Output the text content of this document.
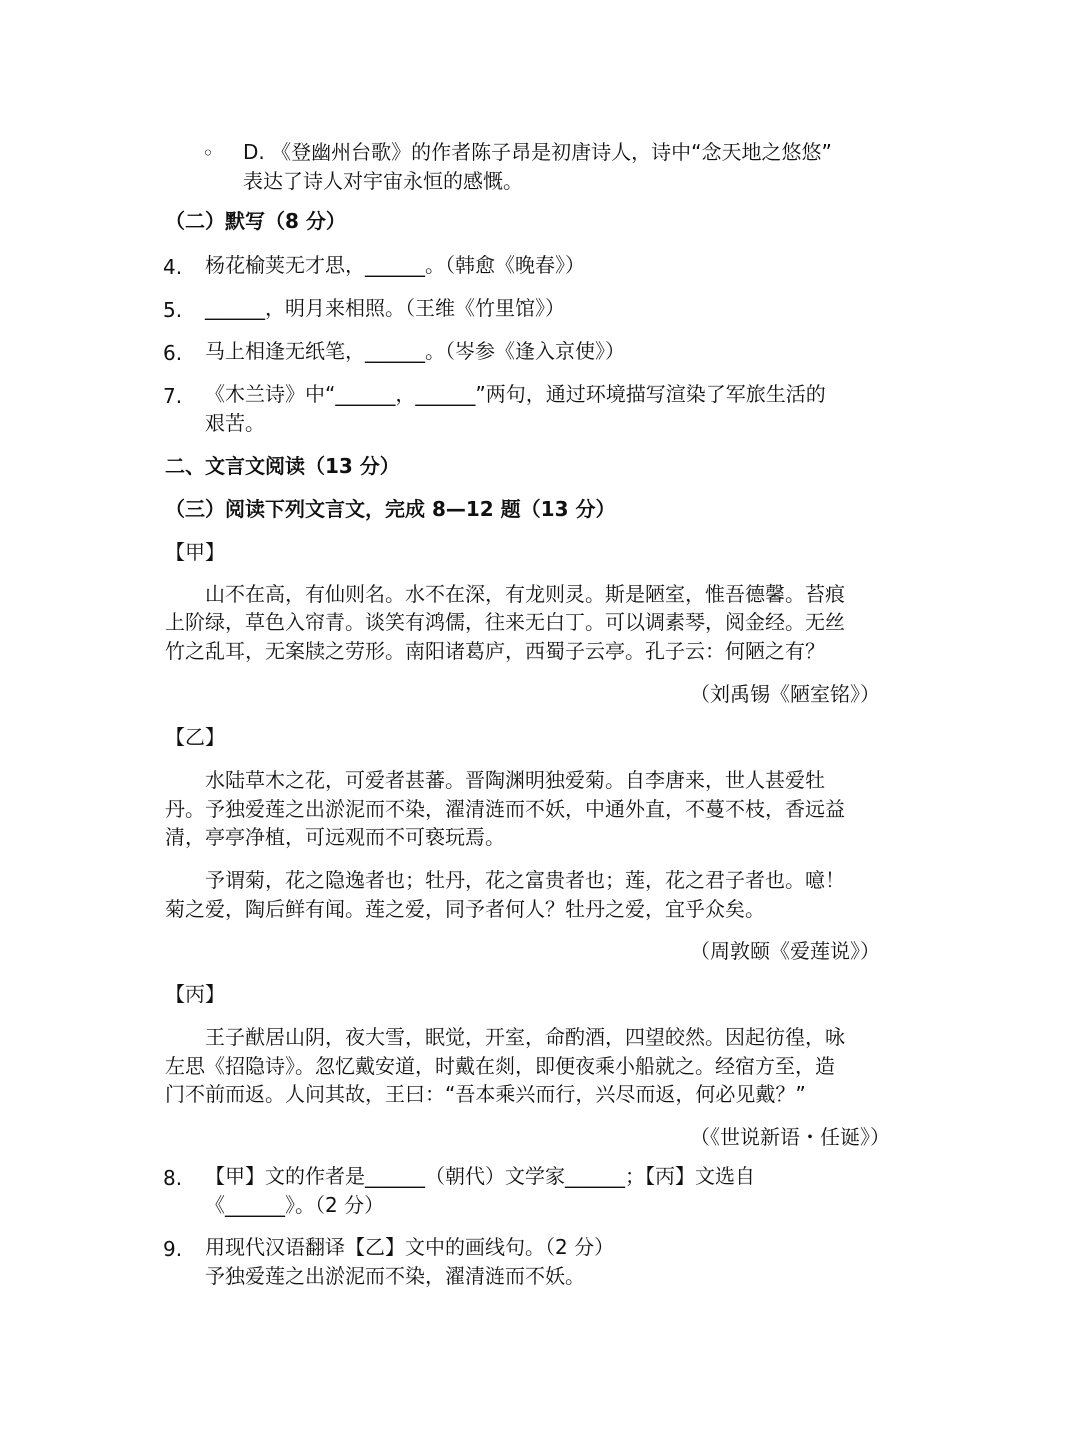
◦ D. 《登幽州台歌》的作者陈子昂是初唐诗人，诗中“念天地之悠悠”
表达了诗人对宇宙永恒的感慨。
（二）默写（8 分）
4. 杨花榆荚无才思，______。（韩愈《晚春》）
5. ______，明月来相照。（王维《竹里馆》）
6. 马上相逢无纸笔，______。（岑参《逢入京使》）
7. 《木兰诗》中“______，______”两句，通过环境描写渲染了军旅生活的
艰苦。
二、文言文阅读（13 分）
（三）阅读下列文言文，完成 8—12 题（13 分）
【甲】
山不在高，有仙则名。水不在深，有龙则灵。斯是陋室，惟吾德馨。苔痕
上阶绿，草色入帘青。谈笑有鸿儒，往来无白丁。可以调素琴，阅金经。无丝
竹之乱耳，无案牍之劳形。南阳诸葛庐，西蜀子云亭。孔子云：何陋之有？
（刘禹锡《陋室铭》）
【乙】
水陆草木之花，可爱者甚蕃。晋陶渊明独爱菊。自李唐来，世人甚爱牡
丹。予独爱莲之出淤泥而不染，濯清涟而不妖，中通外直，不蔓不枝，香远益
清，亭亭净植，可远观而不可亵玩焉。
予谓菊，花之隐逸者也；牡丹，花之富贵者也；莲，花之君子者也。噫！
菊之爱，陶后鲜有闻。莲之爱，同予者何人？牡丹之爱，宜乎众矣。
（周敦颐《爱莲说》）
【丙】
王子猷居山阴，夜大雪，眠觉，开室，命酌酒，四望皎然。因起彷徨，咏
左思《招隐诗》。忽忆戴安道，时戴在剡，即便夜乘小船就之。经宿方至，造
门不前而返。人问其故，王曰：“吾本乘兴而行，兴尽而返，何必见戴？”
（《世说新语・任诞》）
8. 【甲】文的作者是______（朝代）文学家______；【丙】文选自
《______》。（2 分）
9. 用现代汉语翻译【乙】文中的画线句。（2 分）
予独爱莲之出淤泥而不染，濯清涟而不妖。
